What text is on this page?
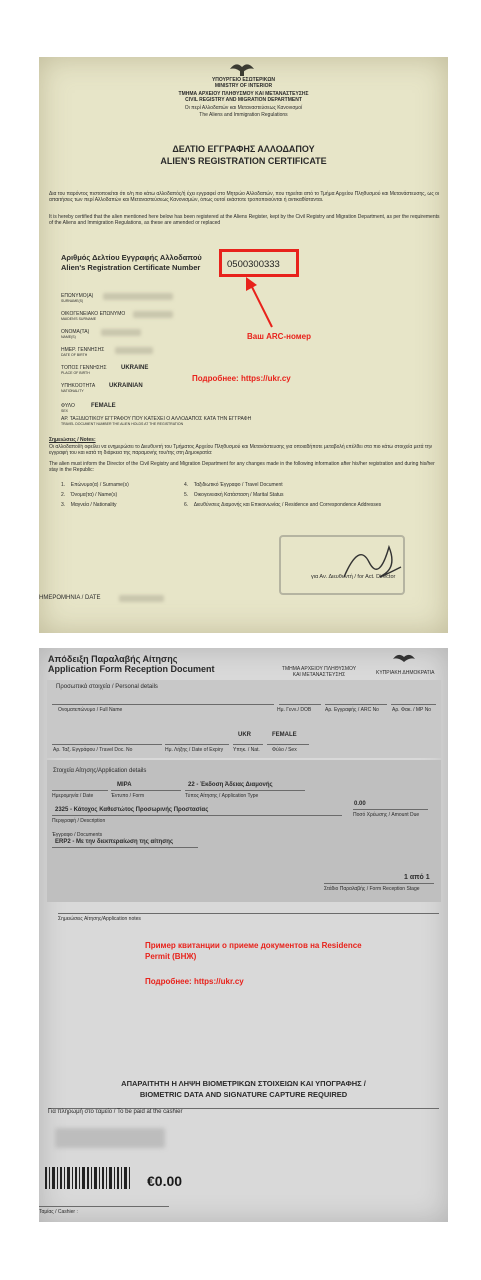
ΥΠΟΥΡΓΕΙΟ ΕΣΩΤΕΡΙΚΩΝ
MINISTRY OF INTERIOR
ΤΜΗΜΑ ΑΡΧΕΙΟΥ ΠΛΗΘΥΣΜΟΥ ΚΑΙ ΜΕΤΑΝΑΣΤΕΥΣΗΣ
CIVIL REGISTRY AND MIGRATION DEPARTMENT
Οι περί Αλλοδαπών και Μεταναστεύσεως Κανονισμοί
The Aliens and Immigration Regulations
ΔΕΛΤΙΟ ΕΓΓΡΑΦΗΣ ΑΛΛΟΔΑΠΟΥ
ALIEN'S REGISTRATION CERTIFICATE
Δια του παρόντος πιστοποιείται ότι ο/η πιο κάτω αλλοδαπός/ή έχει εγγραφεί στο Μητρώο Αλλοδαπών, που τηρείται από το Τμήμα Αρχείου Πληθυσμού και Μετανάστευσης, ως οι απαιτήσεις των περί Αλλοδαπών και Μεταναστεύσεως Κανονισμών, όπως ουτοί εκάστοτε τροποποιούνται ή αντικαθίστανται.
It is hereby certified that the alien mentioned here below has been registered at the Aliens Register, kept by the Civil Registry and Migration Department, as per the requirements of the Aliens and Immigration Regulations, as these are amended or replaced
Αριθμός Δελτίου Εγγραφής Αλλοδαπού
Alien's Registration Certificate Number	0500300333
Ваш ARC-номер
Подробнее: https://ukr.cy
ΕΠΩΝΥΜΟ(Α)
SURNAME(S)
ΟΙΚΟΓΕΝΕΙΑΚΟ ΕΠΩΝΥΜΟ
MAIDEN'S SURNAME
ΟΝΟΜΑ(ΤΑ)
NAME(S)
ΗΜΕΡ. ΓΕΝΝΗΣΗΣ
DATE OF BIRTH
ΤΟΠΟΣ ΓΕΝΝΗΣΗΣ
PLACE OF BIRTH
UKRAINE
ΥΠΗΚΟΟΤΗΤΑ
NATIONALITY
UKRAINIAN
ΦΥΛΟ
SEX
FEMALE
ΑΡ. ΤΑΞΙΔΙΩΤΙΚΟΥ ΕΓΓΡΑΦΟΥ ΠΟΥ ΚΑΤΕΧΕΙ Ο ΑΛΛΟΔΑΠΟΣ ΚΑΤΑ ΤΗΝ ΕΓΓΡΑΦΗ
TRAVEL DOCUMENT NUMBER THE ALIEN HOLDS AT THE REGISTRATION
Σημειώσεις / Notes:
Οι αλλοδαποί/ή οφείλει να ενημερώσει το Διευθυντή του Τμήματος Αρχείου Πληθυσμού και Μετανάστευσης για οποιαδήποτε μεταβολή επέλθει στα πιο κάτω στοιχεία μετά την εγγραφή του και κατά τη διάρκεια της παραμονής του/της στη Δημοκρατία:
The alien must inform the Director of the Civil Registry and Migration Department for any changes made in the following information after his/her registration and during his/her stay in the Republic:
1. Επώνυμο(α) / Surname(s)
2. Όνομα(τα) / Name(s)
3. Μαγνεία / Nationality
4. Ταξιδιωτικό Έγγραφο / Travel Document
5. Οικογενειακή Κατάσταση / Marital Status
6. Διευθύνσεις Διαμονής και Επικοινωνίας / Residence and Correspondence Addresses
για Αν. Διευθυντή / for Act. Director
ΗΜΕΡΟΜΗΝΙΑ / DATE
Απόδειξη Παραλαβής Αίτησης
Application Form Reception Document	ΤΜΗΜΑ ΑΡΧΕΙΟΥ ΠΛΗΘΥΣΜΟΥ
ΚΑΙ ΜΕΤΑΝΑΣΤΕΥΣΗΣ	ΚΥΠΡΙΑΚΗ ΔΗΜΟΚΡΑΤΙΑ
Προσωπικά στοιχεία / Personal details
Ονοματεπώνυμο / Full Name	Ημ. Γενν./ DOB	Αρ. Εγγραφής / ARC No	Αρ. Φακ. / MP No
UKR	FEMALE
Αρ. Ταξ. Εγγράφου / Travel Doc. No	Ημ. Λήξης / Date of Expiry Υπηκ. / Nat. Φύλο / Sex
Στοιχεία Αίτησης/Application details
ΜΙΡΑ	22 - Έκδοση Άδειας Διαμονής
Ημερομηνία / Date	Έντυπο / Form	Τύπος Αίτησης / Application Type
0.00
2325 - Κάτοχος Καθεστώτος Προσωρινής Προστασίας
Περιγραφή / Description
Ποσό Χρέωσης / Amount Due
Έγγραφο / Documents
ERP2 - Με την διεκπεραίωση της αίτησης
1 από 1
Στάδιο Παραλαβής / Form Reception Stage
Σημειώσεις Αίτησης/Application notes
Пример квитанции о приеме документов на Residence Permit (ВНЖ)
Подробнее: https://ukr.cy
ΑΠΑΡΑΙΤΗΤΗ Η ΛΗΨΗ ΒΙΟΜΕΤΡΙΚΩΝ ΣΤΟΙΧΕΙΩΝ ΚΑΙ ΥΠΟΓΡΑΦΗΣ /
BIOMETRIC DATA AND SIGNATURE CAPTURE REQUIRED
Για πληρωμή στο ταμείο / To be paid at the cashier
€0.00
Ταμίας / Cashier :
